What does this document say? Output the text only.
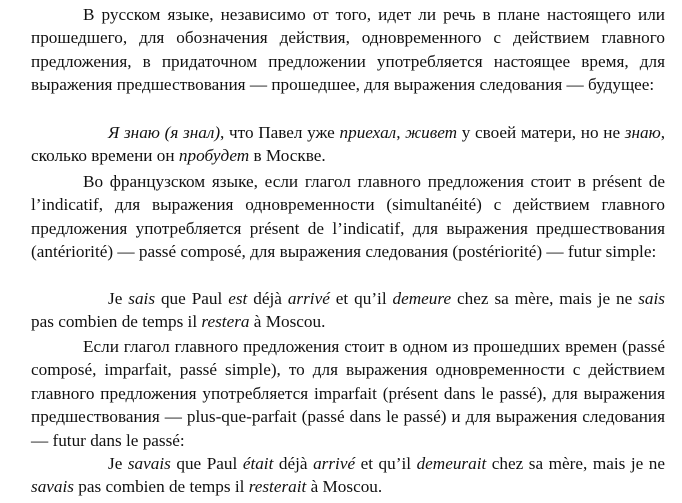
В русском языке, независимо от того, идет ли речь в плане настоящего или прошедшего, для обозначения действия, одновременного с действием главного предложения, в придаточном предложении употребляется настоящее время, для выражения предшествования — прошедшее, для выражения следования — будущее:
Я знаю (я знал), что Павел уже приехал, живет у своей матери, но не знаю, сколько времени он пробудет в Москве.
Во французском языке, если глагол главного предложения стоит в présent de l’indicatif, для выражения одновременности (simultanéité) с действием главного предложения употребляется présent de l’indicatif, для выражения предшествования (antériorité) — passé composé, для выражения следования (postériorité) — futur simple:
Je sais que Paul est déjà arrivé et qu’il demeure chez sa mère, mais je ne sais pas combien de temps il restera à Moscou.
Если глагол главного предложения стоит в одном из прошедших времен (passé composé, imparfait, passé simple), то для выражения одновременности с действием главного предложения употребляется imparfait (présent dans le passé), для выражения предшествования — plus-que-parfait (passé dans le passé) и для выражения следования — futur dans le passé:
Je savais que Paul était déjà arrivé et qu’il demeurait chez sa mère, mais je ne savais pas combien de temps il resterait à Moscou.
